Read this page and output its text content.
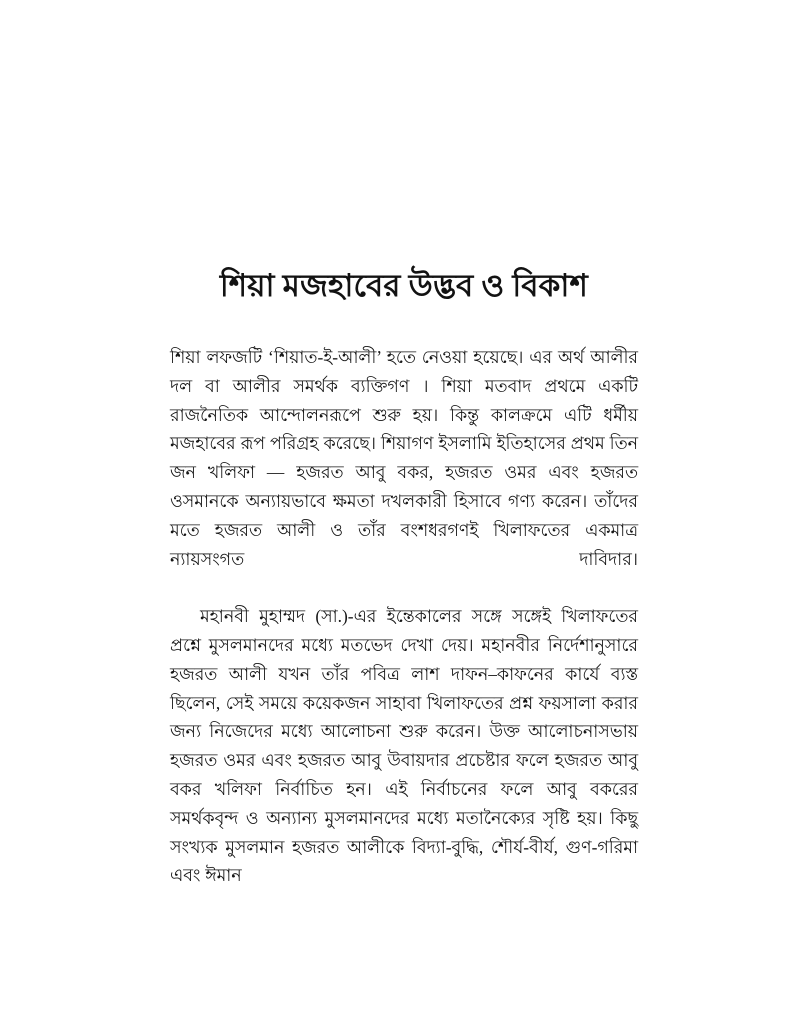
শিয়া মজহাবের উদ্ভব ও বিকাশ

শিয়া লফজটি ‘শিয়াত-ই-আলী’ হতে নেওয়া হয়েছে। এর অর্থ আলীর দল বা আলীর সমর্থক ব্যক্তিগণ । শিয়া মতবাদ প্রথমে একটি রাজনৈতিক আন্দোলনরূপে শুরু হয়। কিন্তু কালক্রমে এটি ধর্মীয় মজহাবের রূপ পরিগ্রহ করেছে। শিয়াগণ ইসলামি ইতিহাসের প্রথম তিন জন খলিফা — হজরত আবু বকর, হজরত ওমর এবং হজরত ওসমানকে অন্যায়ভাবে ক্ষমতা দখলকারী হিসাবে গণ্য করেন। তাঁদের মতে হজরত আলী ও তাঁর বংশধরগণই খিলাফতের একমাত্র ন্যায়সংগত দাবিদার।

মহানবী মুহাম্মদ (সা.)-এর ইন্তেকালের সঙ্গে সঙ্গেই খিলাফতের প্রশ্নে মুসলমানদের মধ্যে মতভেদ দেখা দেয়। মহানবীর নির্দেশানুসারে হজরত আলী যখন তাঁর পবিত্র লাশ দাফন–কাফনের কার্যে ব্যস্ত ছিলেন, সেই সময়ে কয়েকজন সাহাবা খিলাফতের প্রশ্ন ফয়সালা করার জন্য নিজেদের মধ্যে আলোচনা শুরু করেন। উক্ত আলোচনাসভায় হজরত ওমর এবং হজরত আবু উবায়দার প্রচেষ্টার ফলে হজরত আবু বকর খলিফা নির্বাচিত হন। এই নির্বাচনের ফলে আবু বকরের সমর্থকবৃন্দ ও অন্যান্য মুসলমানদের মধ্যে মতানৈক্যের সৃষ্টি হয়। কিছু সংখ্যক মুসলমান হজরত আলীকে বিদ্যা-বুদ্ধি, শৌর্য-বীর্য, গুণ-গরিমা এবং ঈমান
